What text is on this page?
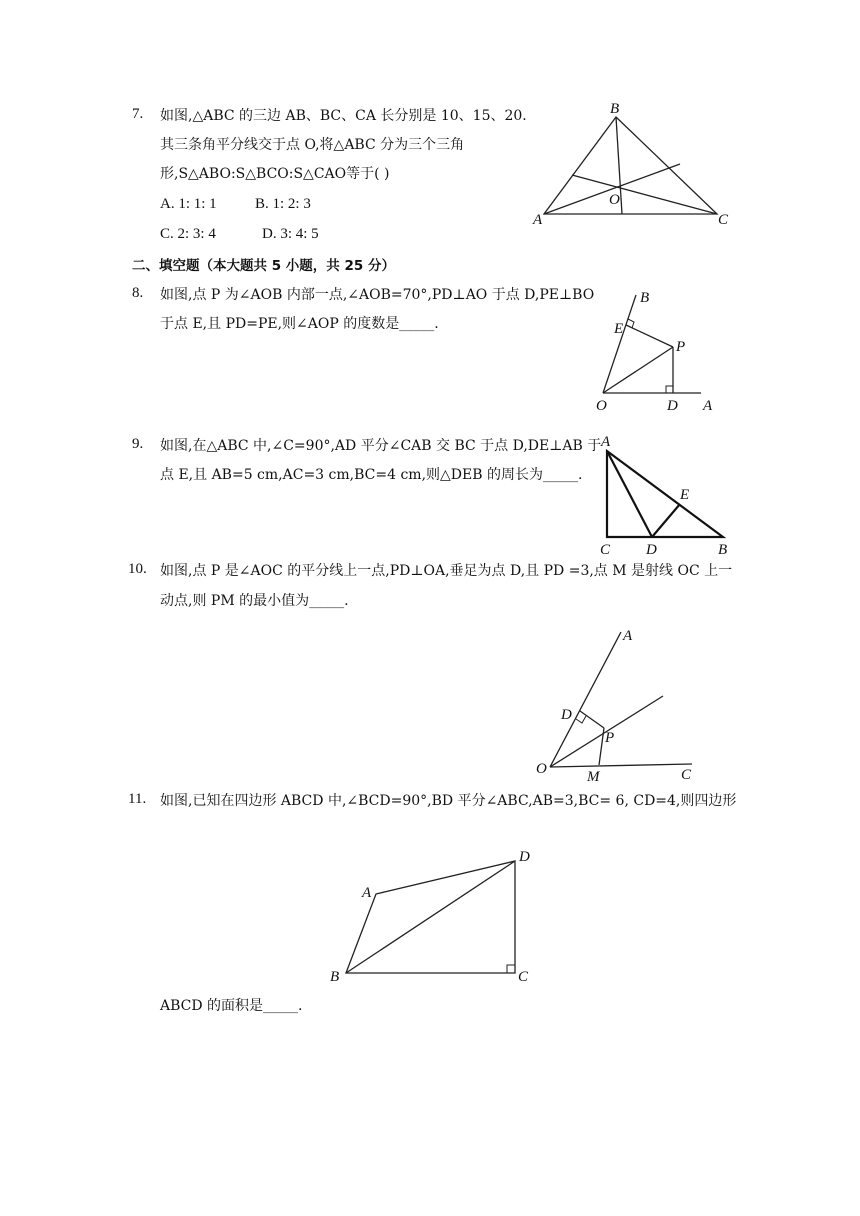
7. 如图,△ABC 的三边 AB、BC、CA 长分别是 10、15、20.
其三条角平分线交于点 O,将△ABC 分为三个三角
形,S△ABO:S△BCO:S△CAO等于( )
A. 1: 1: 1	B. 1: 2: 3
C. 2: 3: 4	D. 3: 4: 5
B
A	C
O
二、填空题（本大题共 5 小题，共 25 分）
8. 如图,点 P 为∠AOB 内部一点,∠AOB=70°,PD⊥AO 于点 D,PE⊥BO
于点 E,且 PD=PE,则∠AOP 的度数是_____.
B
E
P
O	D A
9. 如图,在△ABC 中,∠C=90°,AD 平分∠CAB 交 BC 于点 D,DE⊥AB 于
点 E,且 AB=5 cm,AC=3 cm,BC=4 cm,则△DEB 的周长为_____.
A
E
C D	B
10. 如图,点 P 是∠AOC 的平分线上一点,PD⊥OA,垂足为点 D,且 PD =3,点 M 是射线 OC 上一
动点,则 PM 的最小值为_____.
A
D
P
O	M	C
11. 如图,已知在四边形 ABCD 中,∠BCD=90°,BD 平分∠ABC,AB=3,BC= 6, CD=4,则四边形
ABCD 的面积是_____.
D
A
B	C
